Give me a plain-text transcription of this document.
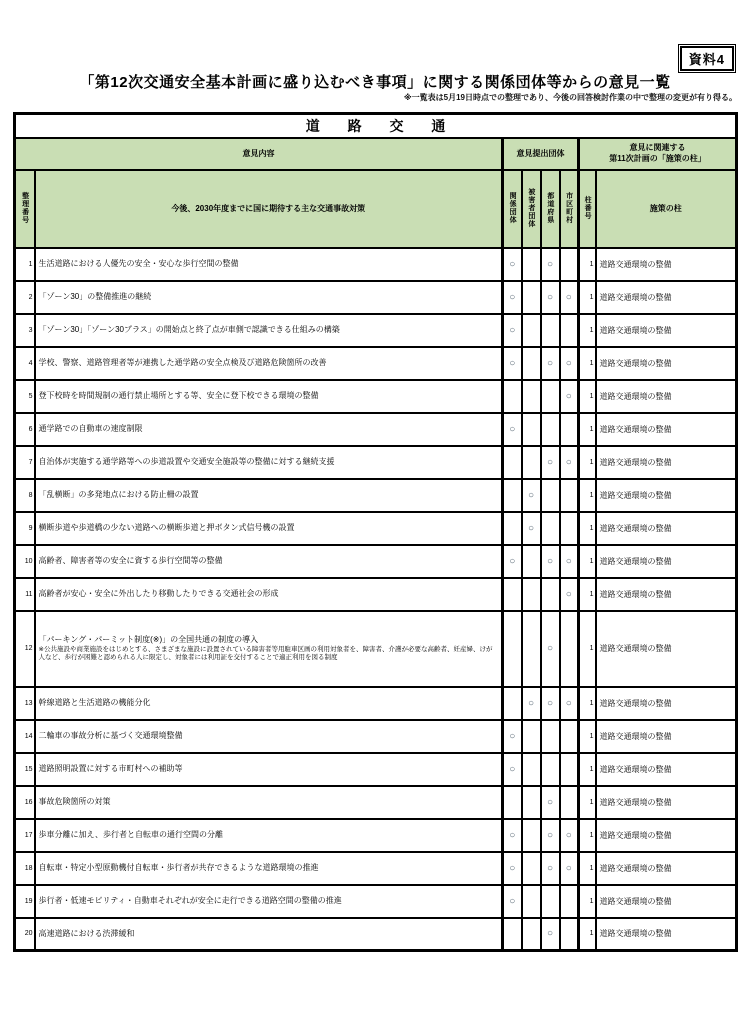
資料4
「第12次交通安全基本計画に盛り込むべき事項」に関する関係団体等からの意見一覧
※一覧表は5月19日時点での整理であり、今後の回答検討作業の中で整理の変更が有り得る。
道 路 交 通							
意見内容		意見提出団体				意見に関連する
第11次計画の「施策の柱」	

整理番号	今後、2030年度までに国に期待する主な交通事故対策	関係団体	被害者団体	都道府県	市区町村	柱番号	施策の柱
1	生活道路における人優先の安全・安心な歩行空間の整備	○		○		1	道路交通環境の整備
2	「ゾーン30」の整備推進の継続	○		○	○	1	道路交通環境の整備
3	「ゾーン30」「ゾーン30プラス」の開始点と終了点が車側で認識できる仕組みの構築	○				1	道路交通環境の整備
4	学校、警察、道路管理者等が連携した通学路の安全点検及び道路危険箇所の改善	○		○	○	1	道路交通環境の整備
5	登下校時を時間規制の通行禁止場所とする等、安全に登下校できる環境の整備				○	1	道路交通環境の整備
6	通学路での自動車の速度制限	○				1	道路交通環境の整備
7	自治体が実施する通学路等への歩道設置や交通安全施設等の整備に対する継続支援			○	○	1	道路交通環境の整備
8	「乱横断」の多発地点における防止柵の設置		○			1	道路交通環境の整備
9	横断歩道や歩道橋の少ない道路への横断歩道と押ボタン式信号機の設置		○			1	道路交通環境の整備
10	高齢者、障害者等の安全に資する歩行空間等の整備	○		○	○	1	道路交通環境の整備
11	高齢者が安心・安全に外出したり移動したりできる交通社会の形成				○	1	道路交通環境の整備
12	「パーキング・パーミット制度(※)」の全国共通の制度の導入
※公共施設や商業施設をはじめとする、さまざまな施設に設置されている障害者等用駐車区画の利用対象者を、障害者、介護が必要な高齢者、妊産婦、けが人など、歩行が困難と認められる人に限定し、対象者には利用証を交付することで適正利用を図る制度			○		1	道路交通環境の整備
13	幹線道路と生活道路の機能分化		○	○	○	1	道路交通環境の整備
14	二輪車の事故分析に基づく交通環境整備	○				1	道路交通環境の整備
15	道路照明設置に対する市町村への補助等	○				1	道路交通環境の整備
16	事故危険箇所の対策			○		1	道路交通環境の整備
17	歩車分離に加え、歩行者と自転車の通行空間の分離	○		○	○	1	道路交通環境の整備
18	自転車・特定小型原動機付自転車・歩行者が共存できるような道路環境の推進	○		○	○	1	道路交通環境の整備
19	歩行者・低速モビリティ・自動車それぞれが安全に走行できる道路空間の整備の推進	○				1	道路交通環境の整備
20	高速道路における渋滞緩和			○		1	道路交通環境の整備
